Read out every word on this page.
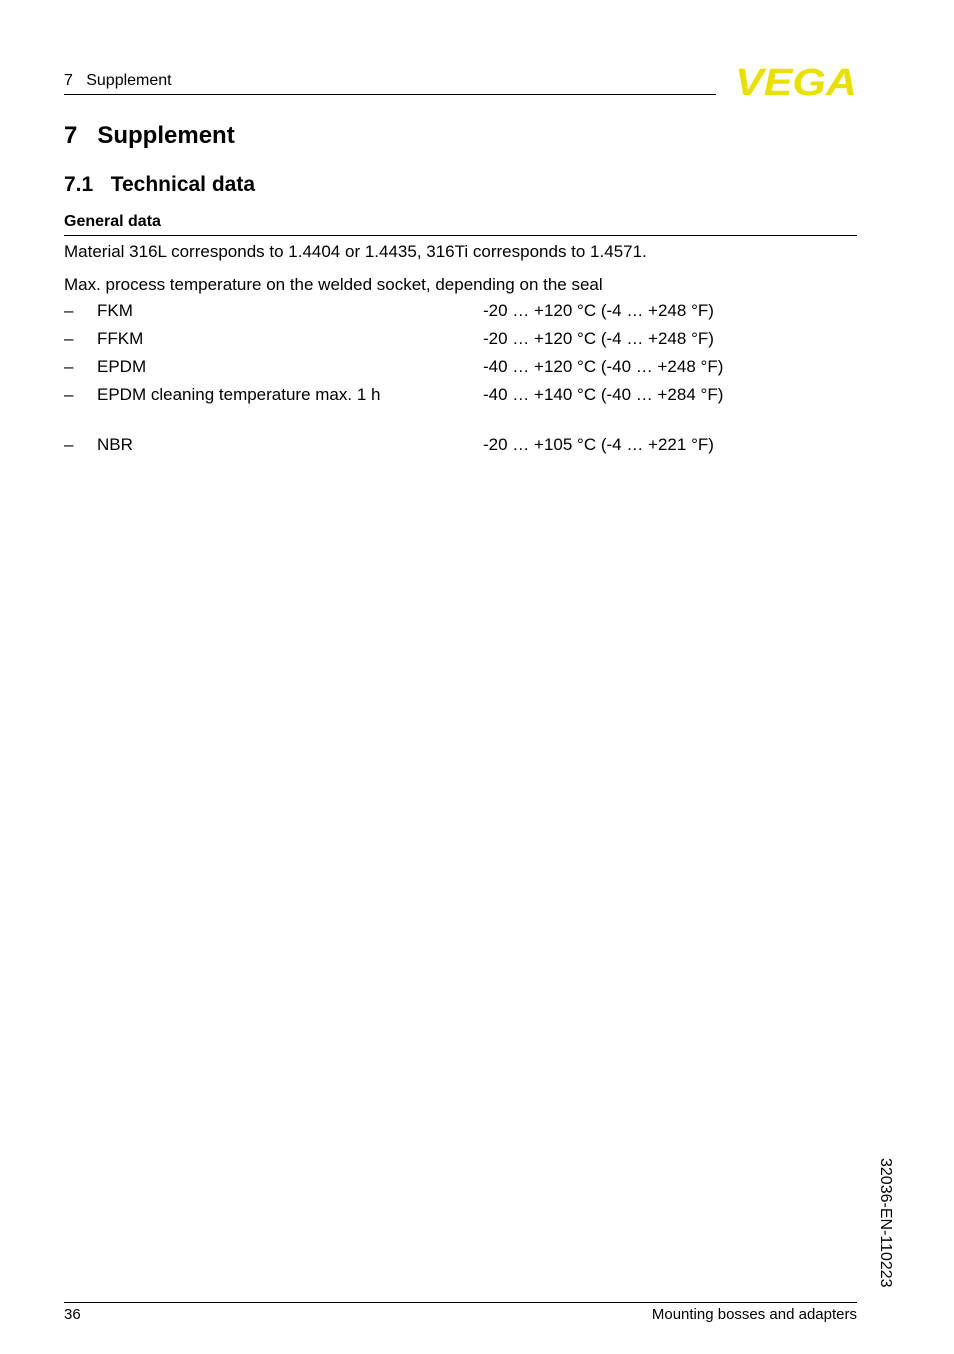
7   Supplement	VEGA
7   Supplement
7.1   Technical data
General data
Material 316L corresponds to 1.4404 or 1.4435, 316Ti corresponds to 1.4571.
Max. process temperature on the welded socket, depending on the seal
–	FKM	-20 … +120 °C (-4 … +248 °F)
–	FFKM	-20 … +120 °C (-4 … +248 °F)
–	EPDM	-40 … +120 °C (-40 … +248 °F)
–	EPDM cleaning temperature max. 1 h	-40 … +140 °C (-40 … +284 °F)
–	NBR	-20 … +105 °C (-4 … +221 °F)
32036-EN-110223
36	Mounting bosses and adapters
